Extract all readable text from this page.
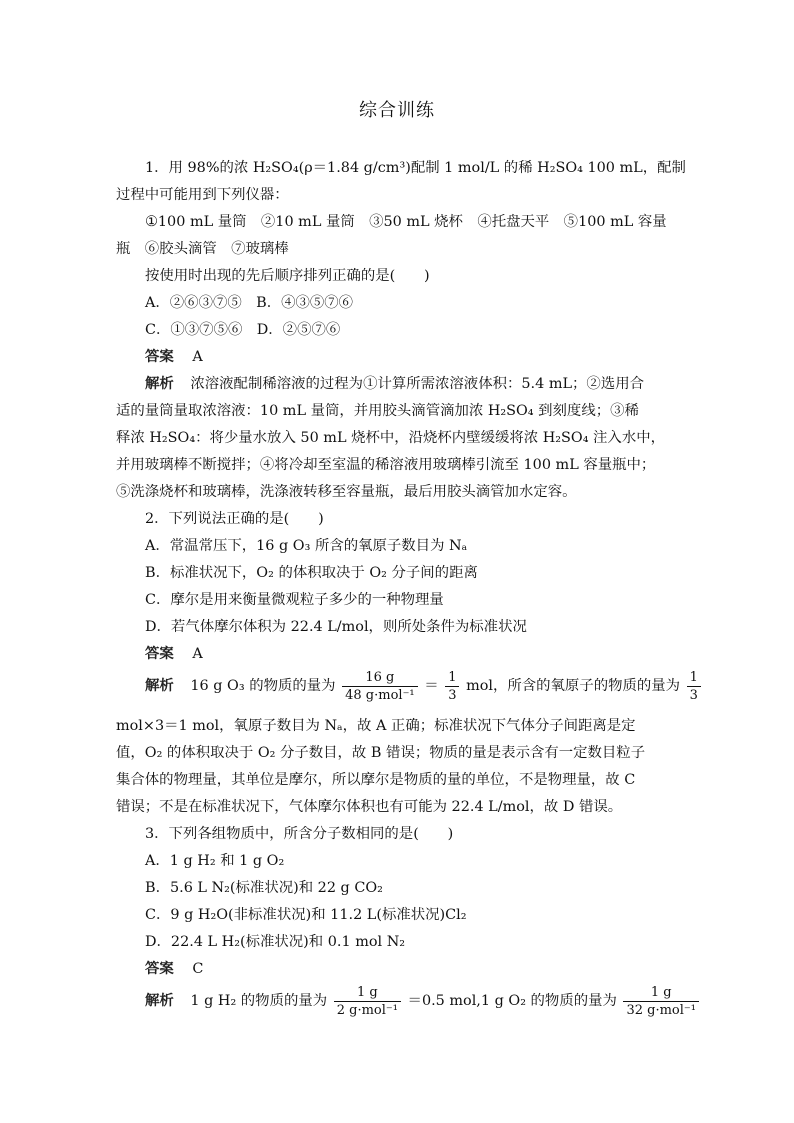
综合训练
1．用 98%的浓 H₂SO₄(ρ＝1.84 g/cm³)配制 1 mol/L 的稀 H₂SO₄ 100 mL，配制
过程中可能用到下列仪器：
①100 mL 量筒　②10 mL 量筒　③50 mL 烧杯　④托盘天平　⑤100 mL 容量
瓶　⑥胶头滴管　⑦玻璃棒
按使用时出现的先后顺序排列正确的是(　　)
A．②⑥③⑦⑤　B．④③⑤⑦⑥
C．①③⑦⑤⑥　D．②⑤⑦⑥
答案 A
解析 浓溶液配制稀溶液的过程为①计算所需浓溶液体积：5.4 mL；②选用合
适的量筒量取浓溶液：10 mL 量筒，并用胶头滴管滴加浓 H₂SO₄ 到刻度线；③稀
释浓 H₂SO₄：将少量水放入 50 mL 烧杯中，沿烧杯内壁缓缓将浓 H₂SO₄ 注入水中，
并用玻璃棒不断搅拌；④将冷却至室温的稀溶液用玻璃棒引流至 100 mL 容量瓶中；
⑤洗涤烧杯和玻璃棒，洗涤液转移至容量瓶，最后用胶头滴管加水定容。
2．下列说法正确的是(　　)
A．常温常压下，16 g O₃ 所含的氧原子数目为 Nₐ
B．标准状况下，O₂ 的体积取决于 O₂ 分子间的距离
C．摩尔是用来衡量微观粒子多少的一种物理量
D．若气体摩尔体积为 22.4 L/mol，则所处条件为标准状况
答案 A
解析 16 g O₃ 的物质的量为 $\frac{16 g}{\text{48 g·mol⁻¹}} = \frac{1}{3}$ mol，所含的氧原子的物质的量为 $\frac{1}{3}$
mol×3＝1 mol，氧原子数目为 Nₐ，故 A 正确；标准状况下气体分子间距离是定
值，O₂ 的体积取决于 O₂ 分子数目，故 B 错误；物质的量是表示含有一定数目粒子
集合体的物理量，其单位是摩尔，所以摩尔是物质的量的单位，不是物理量，故 C
错误；不是在标准状况下，气体摩尔体积也有可能为 22.4 L/mol，故 D 错误。
3．下列各组物质中，所含分子数相同的是(　　)
A．1 g H₂ 和 1 g O₂
B．5.6 L N₂(标准状况)和 22 g CO₂
C．9 g H₂O(非标准状况)和 11.2 L(标准状况)Cl₂
D．22.4 L H₂(标准状况)和 0.1 mol N₂
答案 C
解析 1 g H₂ 的物质的量为 $\frac{1 g}{\text{2 g·mol⁻¹}} =0.5$ mol,1 g O₂ 的物质的量为 $\frac{1 g}{\text{32 g·mol⁻¹}}$
